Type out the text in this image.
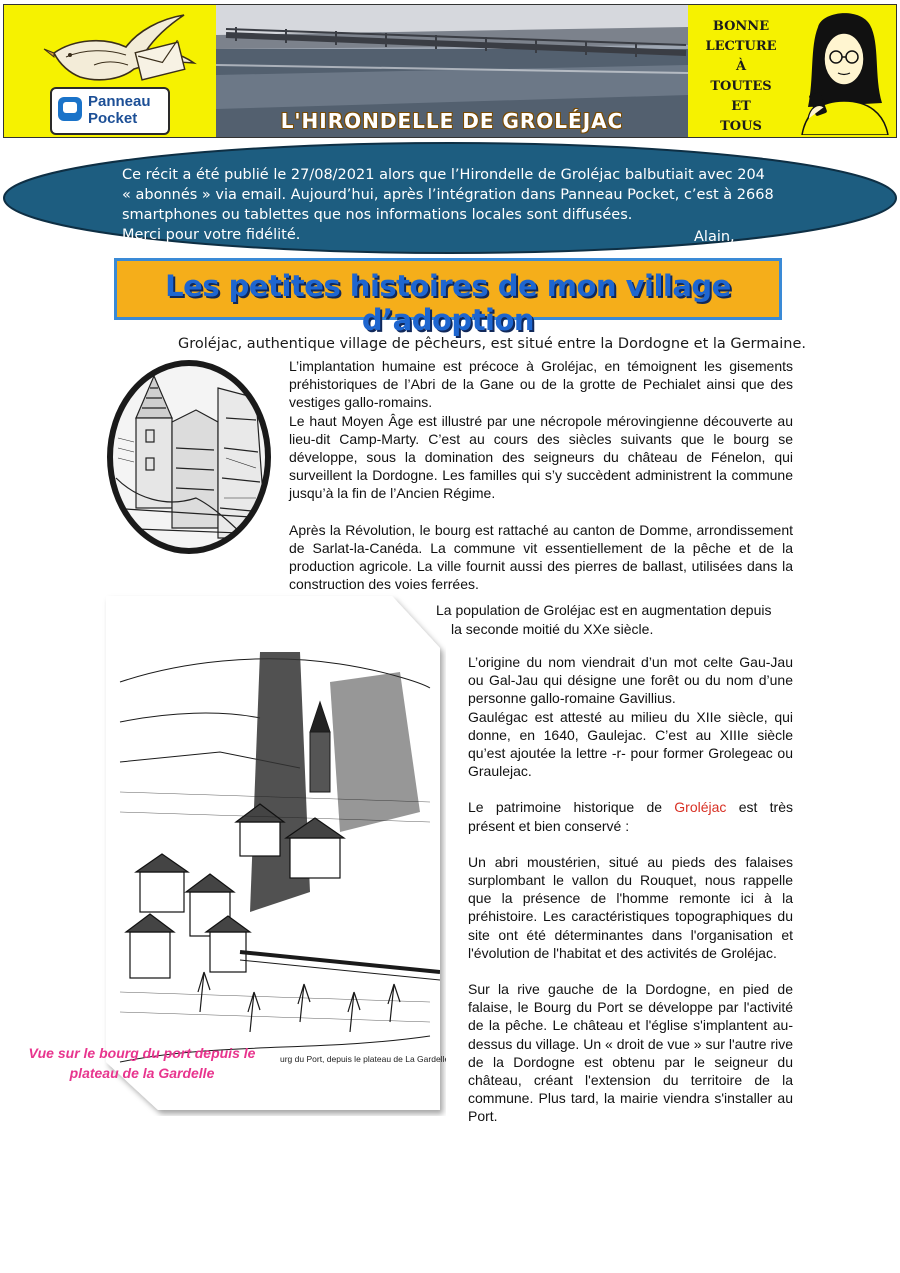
Panneau
Pocket	L'HIRONDELLE DE GROLÉJAC
BONNE
LECTURE
À
TOUTES
ET
TOUS
Ce récit a été publié le 27/08/2021 alors que l’Hirondelle de Groléjac balbutiait avec 204
« abonnés » via email. Aujourd’hui, après l’intégration dans Panneau Pocket, c’est à 2668
smartphones ou tablettes que nos informations locales sont diffusées.
Merci pour votre fidélité.	Alain,
Les petites histoires de mon village d’adoption
Groléjac, authentique village de pêcheurs, est situé entre la Dordogne et la Germaine.
L’implantation humaine est précoce à Groléjac, en témoignent les gisements préhistoriques de l’Abri de la Gane ou de la grotte de Pechialet ainsi que des vestiges gallo-romains.
Le haut Moyen Âge est illustré par une nécropole mérovingienne découverte au lieu-dit Camp-Marty. C’est au cours des siècles suivants que le bourg se développe, sous la domination des seigneurs du château de Fénelon, qui surveillent la Dordogne. Les familles qui s’y succèdent administrent la commune jusqu’à la fin de l’Ancien Régime.
Après la Révolution, le bourg est rattaché au canton de Domme, arrondissement de Sarlat-la-Canéda. La commune vit essentiellement de la pêche et de la production agricole. La ville fournit aussi des pierres de ballast, utilisées dans la construction des voies ferrées.
urg du Port, depuis le plateau de La Gardelle
Vue sur le bourg du port depuis le plateau de la Gardelle
La population de Groléjac est en augmentation depuis
la seconde moitié du XXe siècle.
L’origine du nom viendrait d’un mot celte Gau-Jau ou Gal-Jau qui désigne une forêt ou du nom d’une personne gallo-romaine Gavillius.
Gaulégac est attesté au milieu du XIIe siècle, qui donne, en 1640, Gaulejac. C’est au XIIIe siècle qu’est ajoutée la lettre -r- pour former Grolegeac ou Graulejac.
Le patrimoine historique de Groléjac est très présent et bien conservé :
Un abri moustérien, situé au pieds des falaises surplombant le vallon du Rouquet, nous rappelle que la présence de l'homme remonte ici à la préhistoire. Les caractéristiques topographiques du site ont été déterminantes dans l'organisation et l'évolution de l'habitat et des activités de Groléjac.
Sur la rive gauche de la Dordogne, en pied de falaise, le Bourg du Port se développe par l'activité de la pêche. Le château et l'église s'implantent au-dessus du village. Un « droit de vue » sur l'autre rive de la Dordogne est obtenu par le seigneur du château, créant l'extension du territoire de la commune. Plus tard, la mairie viendra s'installer au Port.
